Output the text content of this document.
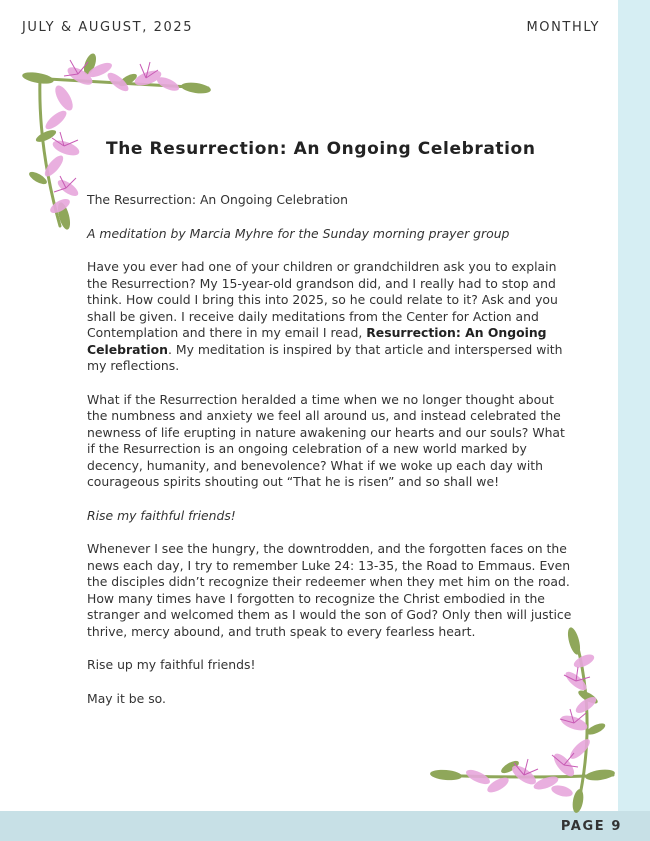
JULY & AUGUST, 2025	MONTHLY
The Resurrection: An Ongoing Celebration

The Resurrection: An Ongoing Celebration

A meditation by Marcia Myhre for the Sunday morning prayer group

Have you ever had one of your children or grandchildren ask you to explain the Resurrection? My 15-year-old grandson did, and I really had to stop and think. How could I bring this into 2025, so he could relate to it? Ask and you shall be given. I receive daily meditations from the Center for Action and Contemplation and there in my email I read, Resurrection: An Ongoing Celebration. My meditation is inspired by that article and interspersed with my reflections.

What if the Resurrection heralded a time when we no longer thought about the numbness and anxiety we feel all around us, and instead celebrated the newness of life erupting in nature awakening our hearts and our souls? What if the Resurrection is an ongoing celebration of a new world marked by decency, humanity, and benevolence? What if we woke up each day with courageous spirits shouting out “That he is risen” and so shall we!

Rise my faithful friends!

Whenever I see the hungry, the downtrodden, and the forgotten faces on the news each day, I try to remember Luke 24: 13-35, the Road to Emmaus. Even the disciples didn’t recognize their redeemer when they met him on the road. How many times have I forgotten to recognize the Christ embodied in the stranger and welcomed them as I would the son of God? Only then will justice thrive, mercy abound, and truth speak to every fearless heart.

Rise up my faithful friends!

May it be so.

PAGE 9
